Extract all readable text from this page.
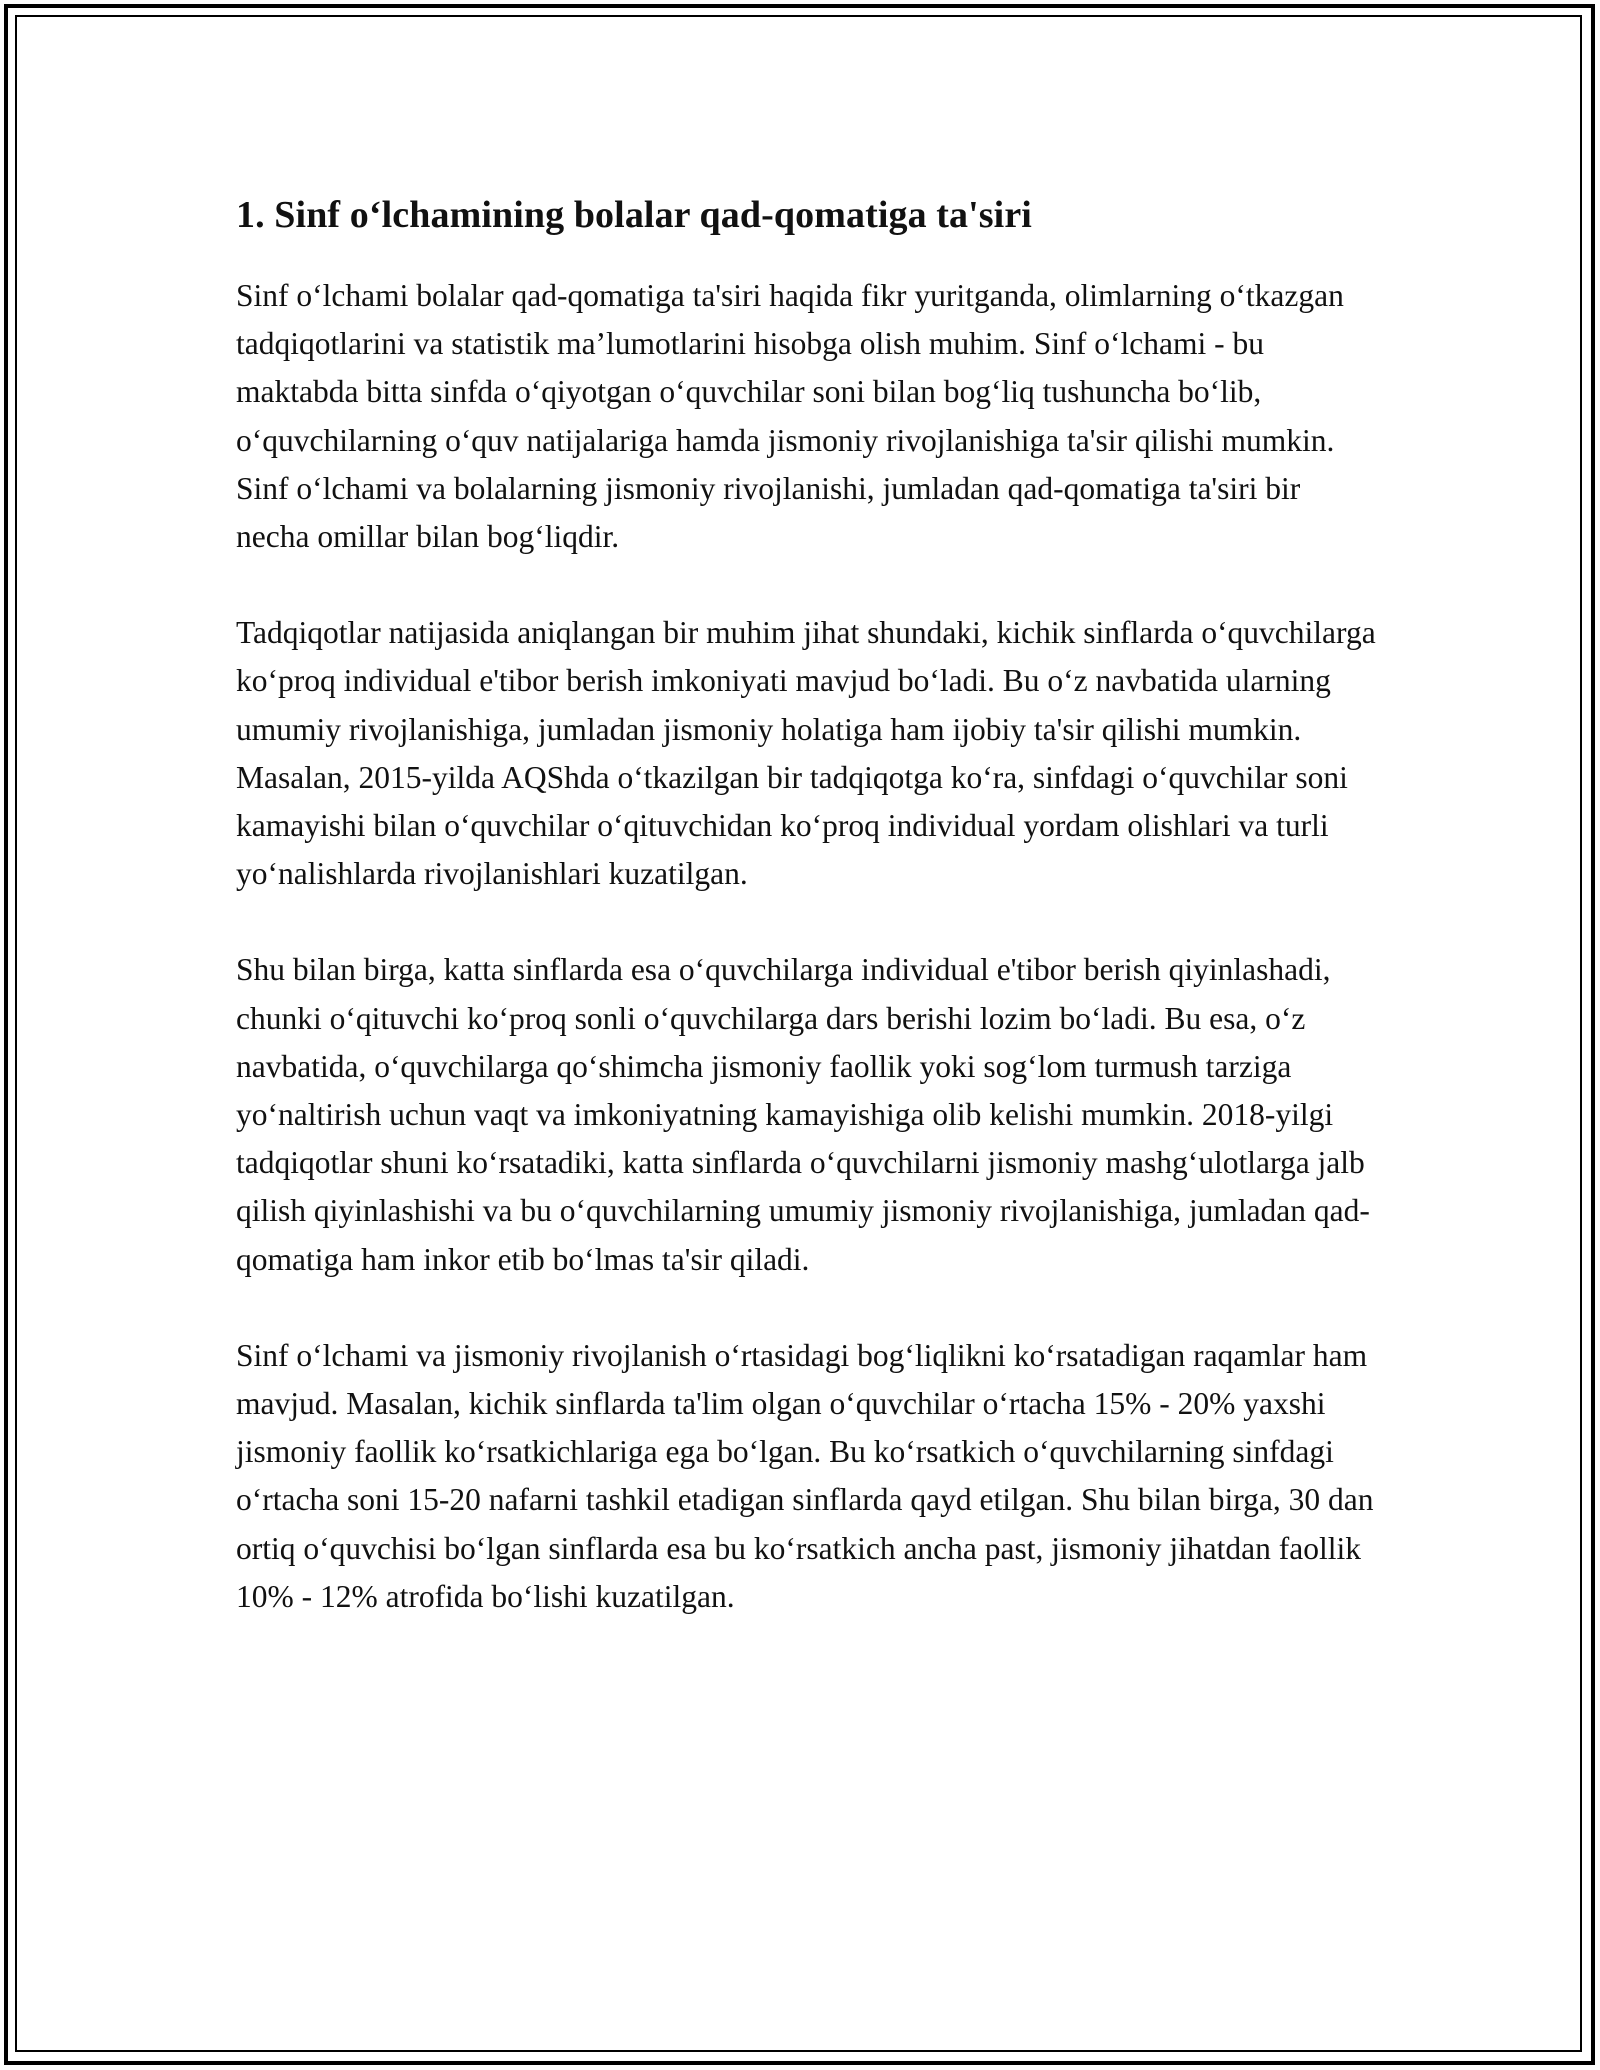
1. Sinf o‘lchamining bolalar qad-qomatiga ta'siri

Sinf o‘lchami bolalar qad-qomatiga ta'siri haqida fikr yuritganda, olimlarning o‘tkazgan tadqiqotlarini va statistik ma’lumotlarini hisobga olish muhim. Sinf o‘lchami - bu maktabda bitta sinfda o‘qiyotgan o‘quvchilar soni bilan bog‘liq tushuncha bo‘lib, o‘quvchilarning o‘quv natijalariga hamda jismoniy rivojlanishiga ta'sir qilishi mumkin. Sinf o‘lchami va bolalarning jismoniy rivojlanishi, jumladan qad-qomatiga ta'siri bir necha omillar bilan bog‘liqdir.

Tadqiqotlar natijasida aniqlangan bir muhim jihat shundaki, kichik sinflarda o‘quvchilarga ko‘proq individual e'tibor berish imkoniyati mavjud bo‘ladi. Bu o‘z navbatida ularning umumiy rivojlanishiga, jumladan jismoniy holatiga ham ijobiy ta'sir qilishi mumkin. Masalan, 2015-yilda AQShda o‘tkazilgan bir tadqiqotga ko‘ra, sinfdagi o‘quvchilar soni kamayishi bilan o‘quvchilar o‘qituvchidan ko‘proq individual yordam olishlari va turli yo‘nalishlarda rivojlanishlari kuzatilgan.

Shu bilan birga, katta sinflarda esa o‘quvchilarga individual e'tibor berish qiyinlashadi, chunki o‘qituvchi ko‘proq sonli o‘quvchilarga dars berishi lozim bo‘ladi. Bu esa, o‘z navbatida, o‘quvchilarga qo‘shimcha jismoniy faollik yoki sog‘lom turmush tarziga yo‘naltirish uchun vaqt va imkoniyatning kamayishiga olib kelishi mumkin. 2018-yilgi tadqiqotlar shuni ko‘rsatadiki, katta sinflarda o‘quvchilarni jismoniy mashg‘ulotlarga jalb qilish qiyinlashishi va bu o‘quvchilarning umumiy jismoniy rivojlanishiga, jumladan qad-qomatiga ham inkor etib bo‘lmas ta'sir qiladi.

Sinf o‘lchami va jismoniy rivojlanish o‘rtasidagi bog‘liqlikni ko‘rsatadigan raqamlar ham mavjud. Masalan, kichik sinflarda ta'lim olgan o‘quvchilar o‘rtacha 15% - 20% yaxshi jismoniy faollik ko‘rsatkichlariga ega bo‘lgan. Bu ko‘rsatkich o‘quvchilarning sinfdagi o‘rtacha soni 15-20 nafarni tashkil etadigan sinflarda qayd etilgan. Shu bilan birga, 30 dan ortiq o‘quvchisi bo‘lgan sinflarda esa bu ko‘rsatkich ancha past, jismoniy jihatdan faollik 10% - 12% atrofida bo‘lishi kuzatilgan.
